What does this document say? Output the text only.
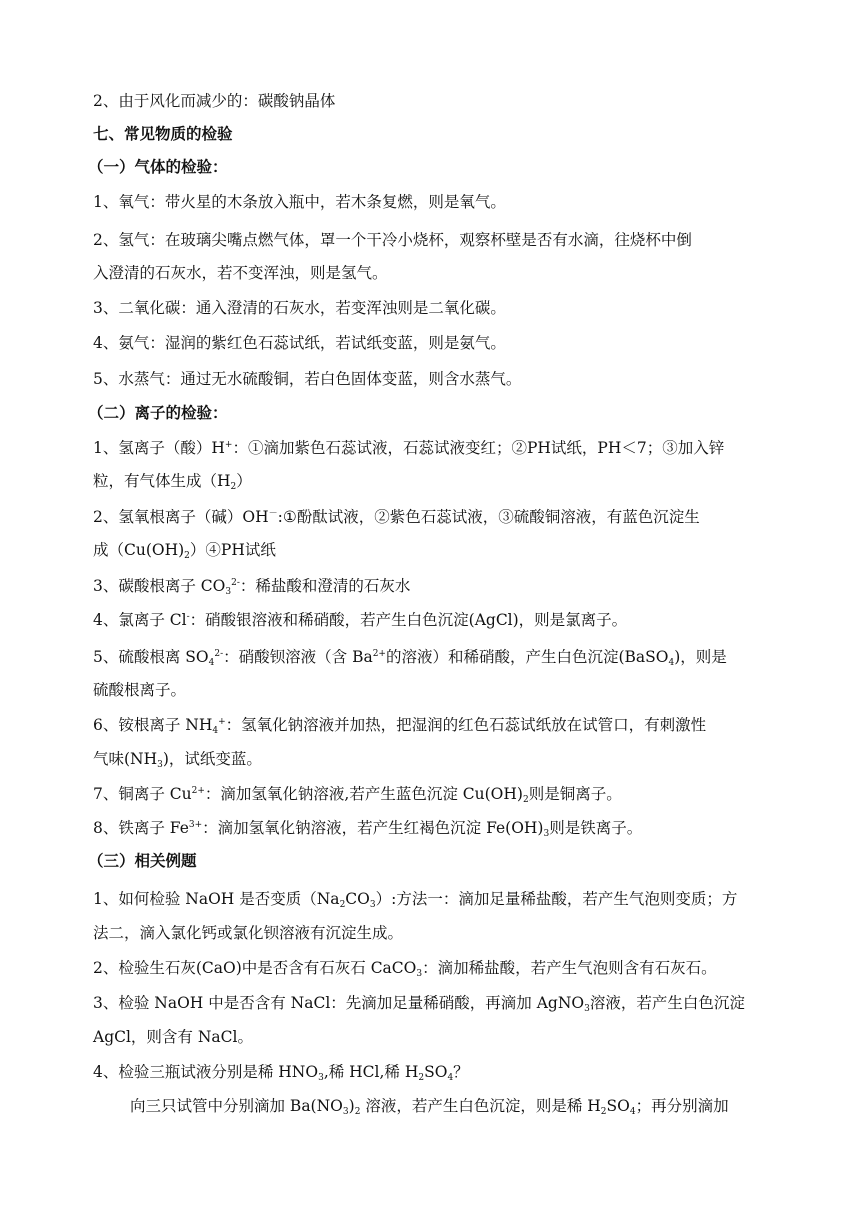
2、由于风化而减少的：碳酸钠晶体
七、常见物质的检验
（一）气体的检验：
1、氧气：带火星的木条放入瓶中，若木条复燃，则是氧气。
2、氢气：在玻璃尖嘴点燃气体，罩一个干冷小烧杯，观察杯壁是否有水滴，往烧杯中倒
入澄清的石灰水，若不变浑浊，则是氢气。
3、二氧化碳：通入澄清的石灰水，若变浑浊则是二氧化碳。
4、氨气：湿润的紫红色石蕊试纸，若试纸变蓝，则是氨气。
5、水蒸气：通过无水硫酸铜，若白色固体变蓝，则含水蒸气。
（二）离子的检验：
1、氢离子（酸）H+：①滴加紫色石蕊试液，石蕊试液变红；②PH试纸，PH＜7；③加入锌
粒，有气体生成$(H_2)$
2、氢氧根离子（碱）OH－:①酚酞试液，②紫色石蕊试液，③硫酸铜溶液，有蓝色沉淀生
成$(Cu(OH)_2)④PH$试纸
3、碳酸根离子 $CO_3^{2-}$：稀盐酸和澄清的石灰水
4、氯离子 Cl-：硝酸银溶液和稀硝酸，若产生白色沉淀(AgCl)，则是氯离子。
5、硫酸根离 $SO_4^{2-}$：硝酸钡溶液（含 $Ba^{2+}$的溶液）和稀硝酸，产生白色沉淀(BaSO$_4$)，则是
硫酸根离子。
6、铵根离子 $NH_4^+$：氢氧化钠溶液并加热，把湿润的红色石蕊试纸放在试管口，有刺激性
气味$(NH_3)$，试纸变蓝。
7、铜离子 $Cu^{2+}$：滴加氢氧化钠溶液,若产生蓝色沉淀 $Cu(OH)_2$则是铜离子。
8、铁离子 $Fe^{3+}$：滴加氢氧化钠溶液，若产生红褐色沉淀 $Fe(OH)_3$则是铁离子。
（三）相关例题
1、如何检验 NaOH 是否变质$(Na_2CO_3)$:方法一：滴加足量稀盐酸，若产生气泡则变质；方
法二，滴入氯化钙或氯化钡溶液有沉淀生成。
2、检验生石灰(CaO)中是否含有石灰石 CaCO$_3$：滴加稀盐酸，若产生气泡则含有石灰石。
3、检验 NaOH 中是否含有 NaCl：先滴加足量稀硝酸，再滴加 AgNO$_3$溶液，若产生白色沉淀
AgCl，则含有 NaCl。
4、检验三瓶试液分别是稀 $HNO_3$,稀 HCl,稀 $H_2SO_4$？
向三只试管中分别滴加 $Ba(NO_3)_2$ 溶液，若产生白色沉淀，则是稀 $H_2SO_4$；再分别滴加
